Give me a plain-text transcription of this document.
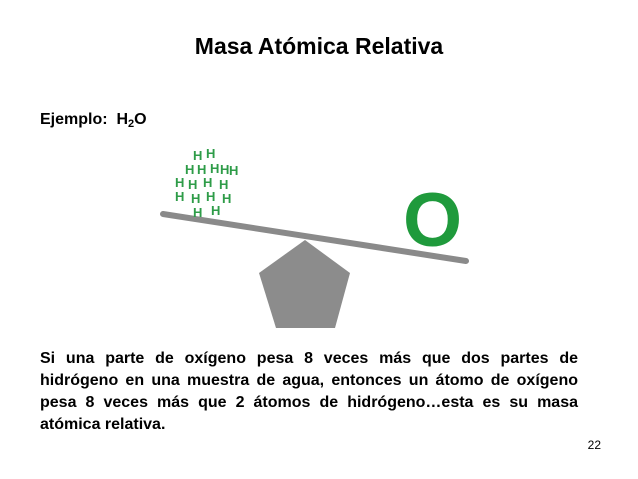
Masa Atómica Relativa
Ejemplo: $H_2O$
H H
H H H H H
H H H H
H H H H
H H O
Si una parte de oxígeno pesa 8 veces más que dos partes de hidrógeno en una muestra de agua, entonces un átomo de oxígeno pesa 8 veces más que 2 átomos de hidrógeno…esta es su masa atómica relativa.
22
